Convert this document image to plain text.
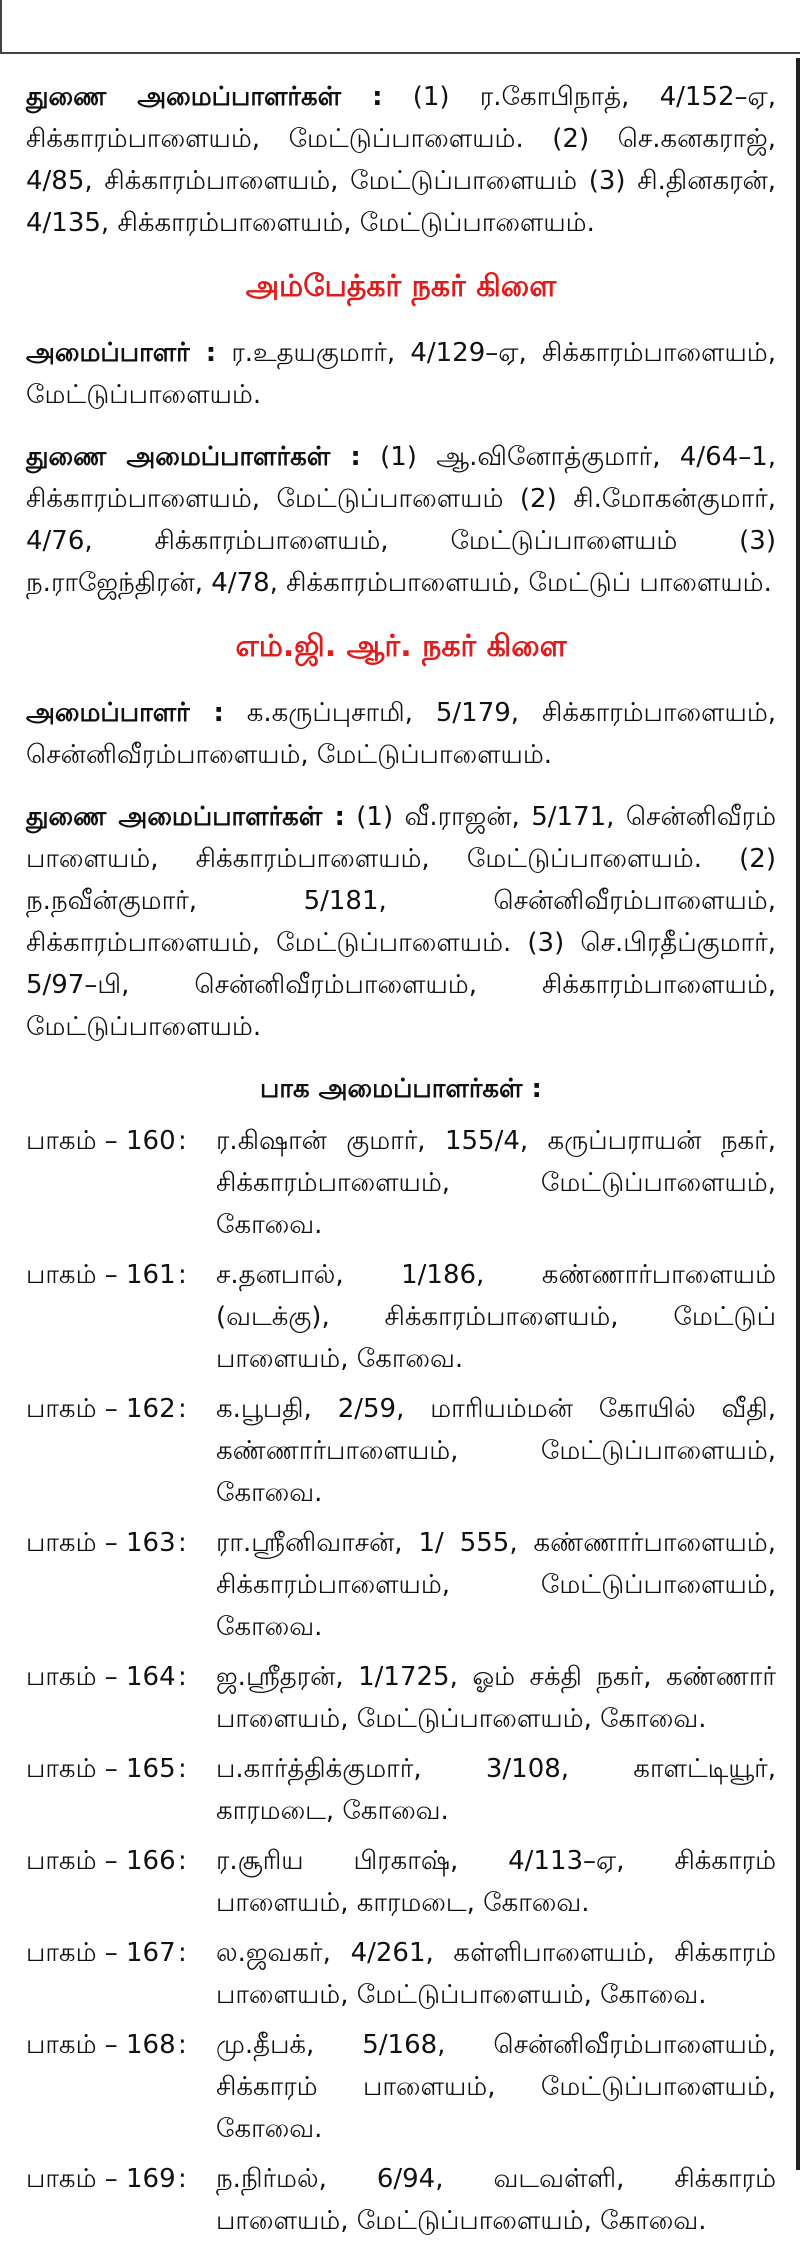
துணை அமைப்பாளர்கள் : (1) ர.கோபிநாத், 4/152–ஏ, சிக்காரம்பாளையம், மேட்டுப்பாளையம். (2) செ.கனகராஜ், 4/85, சிக்காரம்பாளையம், மேட்டுப்பாளையம் (3) சி.தினகரன், 4/135, சிக்காரம்பாளையம், மேட்டுப்பாளையம்.

அம்பேத்கர் நகர் கிளை

அமைப்பாளர் : ர.உதயகுமார், 4/129–ஏ, சிக்காரம்பாளையம், மேட்டுப்பாளையம்.

துணை அமைப்பாளர்கள் : (1) ஆ.வினோத்குமார், 4/64–1, சிக்காரம்பாளையம், மேட்டுப்பாளையம் (2) சி.மோகன்குமார், 4/76, சிக்காரம்பாளையம், மேட்டுப்பாளையம் (3) ந.ராஜேந்திரன், 4/78, சிக்காரம்பாளையம், மேட்டுப் பாளையம்.

எம்.ஜி. ஆர். நகர் கிளை

அமைப்பாளர் : க.கருப்புசாமி, 5/179, சிக்காரம்பாளையம், சென்னிவீரம்பாளையம், மேட்டுப்பாளையம்.

துணை அமைப்பாளர்கள் : (1) வீ.ராஜன், 5/171, சென்னிவீரம் பாளையம், சிக்காரம்பாளையம், மேட்டுப்பாளையம். (2) ந.நவீன்குமார், 5/181, சென்னிவீரம்பாளையம், சிக்காரம்பாளையம், மேட்டுப்பாளையம். (3) செ.பிரதீப்குமார், 5/97–பி, சென்னிவீரம்பாளையம், சிக்காரம்பாளையம், மேட்டுப்பாளையம்.

பாக அமைப்பாளர்கள் :
பாகம் – 160 :	ர.கிஷான் குமார், 155/4, கருப்பராயன் நகர், சிக்காரம்பாளையம், மேட்டுப்பாளையம், கோவை.
பாகம் – 161 :	ச.தனபால், 1/186, கண்ணார்பாளையம் (வடக்கு), சிக்காரம்பாளையம், மேட்டுப் பாளையம், கோவை.
பாகம் – 162 :	க.பூபதி, 2/59, மாரியம்மன் கோயில் வீதி, கண்ணார்பாளையம், மேட்டுப்பாளையம், கோவை.
பாகம் – 163 :	ரா.ஸ்ரீனிவாசன், 1/ 555, கண்ணார்பாளையம், சிக்காரம்பாளையம், மேட்டுப்பாளையம், கோவை.
பாகம் – 164 :	ஜ.ஸ்ரீதரன், 1/1725, ஓம் சக்தி நகர், கண்ணார் பாளையம், மேட்டுப்பாளையம், கோவை.
பாகம் – 165 :	ப.கார்த்திக்குமார், 3/108, காளட்டியூர், காரமடை, கோவை.
பாகம் – 166 :	ர.சூரிய பிரகாஷ், 4/113–ஏ, சிக்காரம் பாளையம், காரமடை, கோவை.
பாகம் – 167 :	ல.ஜவகர், 4/261, கள்ளிபாளையம், சிக்காரம் பாளையம், மேட்டுப்பாளையம், கோவை.
பாகம் – 168 :	மு.தீபக், 5/168, சென்னிவீரம்பாளையம், சிக்காரம் பாளையம், மேட்டுப்பாளையம், கோவை.
பாகம் – 169 :	ந.நிர்மல், 6/94, வடவள்ளி, சிக்காரம் பாளையம், மேட்டுப்பாளையம், கோவை.
